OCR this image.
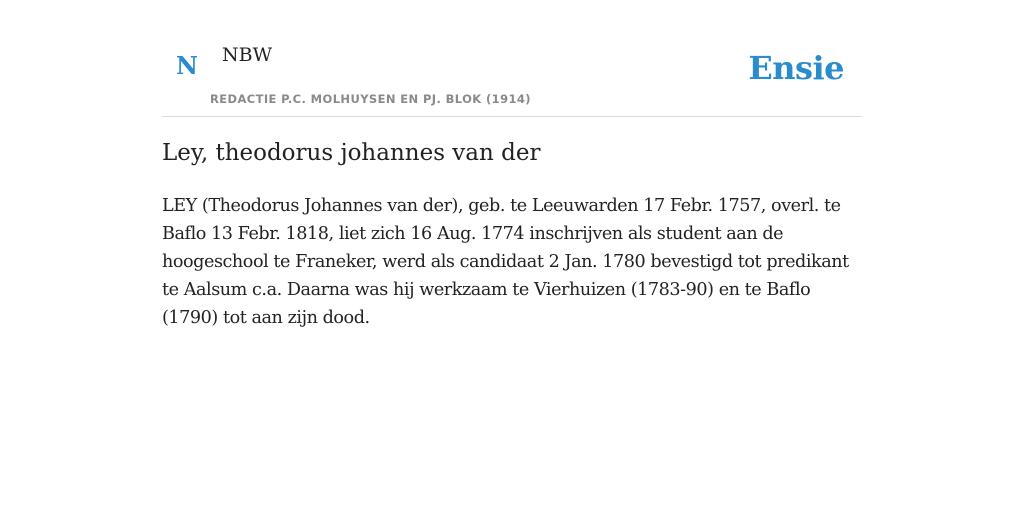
N NBW
REDACTIE P.C. MOLHUYSEN EN PJ. BLOK (1914)
Ensie
Ley, theodorus johannes van der

LEY (Theodorus Johannes van der), geb. te Leeuwarden 17 Febr. 1757, overl. te Baflo 13 Febr. 1818, liet zich 16 Aug. 1774 inschrijven als student aan de hoogeschool te Franeker, werd als candidaat 2 Jan. 1780 bevestigd tot predikant te Aalsum c.a. Daarna was hij werkzaam te Vierhuizen (1783-90) en te Baflo (1790) tot aan zijn dood.
